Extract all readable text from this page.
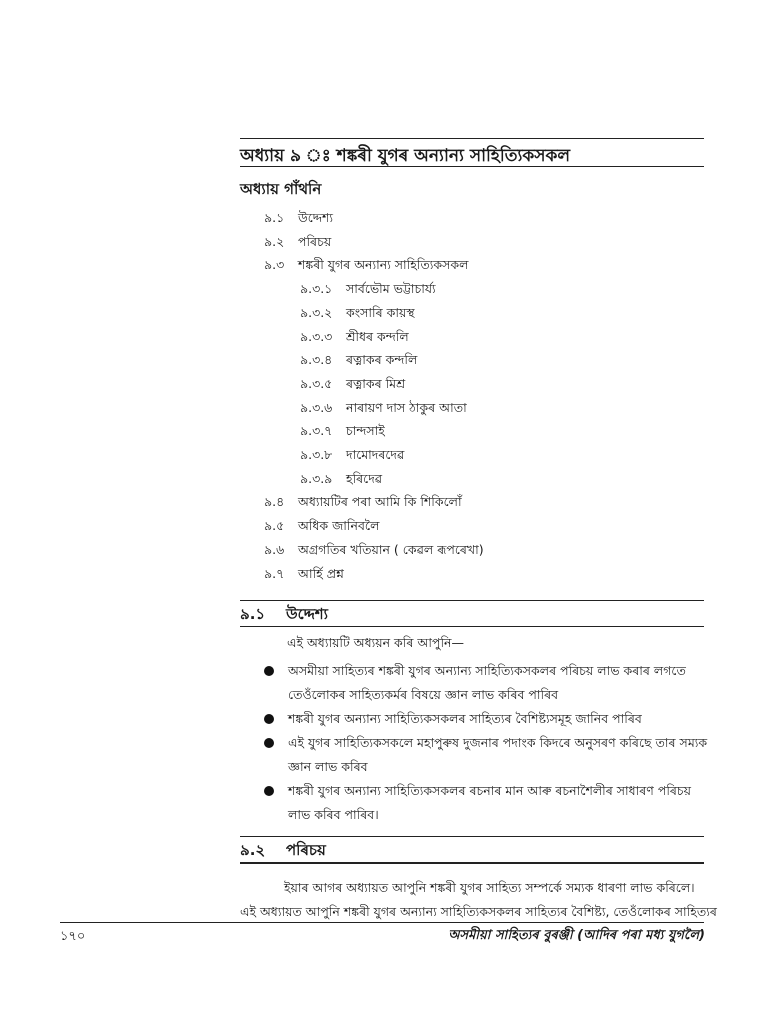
অধ্যায় ৯ ঃ শঙ্কৰী যুগৰ অন্যান্য সাহিত্যিকসকল
অধ্যায় গাঁথনি
৯.১ উদ্দেশ্য
৯.২ পৰিচয়
৯.৩ শঙ্কৰী যুগৰ অন্যান্য সাহিত্যিকসকল
৯.৩.১ সাৰ্বভৌম ভট্টাচাৰ্য্য
৯.৩.২ কংসাৰি কায়স্থ
৯.৩.৩ শ্ৰীধৰ কন্দলি
৯.৩.৪ ৰত্নাকৰ কন্দলি
৯.৩.৫ ৰত্নাকৰ মিশ্ৰ
৯.৩.৬ নাৰায়ণ দাস ঠাকুৰ আতা
৯.৩.৭ চান্দসাই
৯.৩.৮ দামোদৰদেৱ
৯.৩.৯ হৰিদেৱ
৯.৪ অধ্যায়টিৰ পৰা আমি কি শিকিলোঁ
৯.৫ অধিক জানিবলৈ
৯.৬ অগ্ৰগতিৰ খতিয়ান ( কেৱল ৰূপৰেখা)
৯.৭ আৰ্হি প্ৰশ্ন
৯.১ উদ্দেশ্য
এই অধ্যায়টি অধ্যয়ন কৰি আপুনি—
অসমীয়া সাহিত্যৰ শঙ্কৰী যুগৰ অন্যান্য সাহিত্যিকসকলৰ পৰিচয় লাভ কৰাৰ লগতে
তেওঁলোকৰ সাহিত্যকৰ্মৰ বিষয়ে জ্ঞান লাভ কৰিব পাৰিব
শঙ্কৰী যুগৰ অন্যান্য সাহিত্যিকসকলৰ সাহিত্যৰ বৈশিষ্ট্যসমূহ জানিব পাৰিব
এই যুগৰ সাহিত্যিকসকলে মহাপুৰুষ দুজনাৰ পদাংক কিদৰে অনুসৰণ কৰিছে তাৰ সম্যক
জ্ঞান লাভ কৰিব
শঙ্কৰী যুগৰ অন্যান্য সাহিত্যিকসকলৰ ৰচনাৰ মান আৰু ৰচনাশৈলীৰ সাধাৰণ পৰিচয়
লাভ কৰিব পাৰিব।
৯.২ পৰিচয়

ইয়াৰ আগৰ অধ্যায়ত আপুনি শঙ্কৰী যুগৰ সাহিত্য সম্পৰ্কে সম্যক ধাৰণা লাভ কৰিলে।

এই অধ্যায়ত আপুনি শঙ্কৰী যুগৰ অন্যান্য সাহিত্যিকসকলৰ সাহিত্যৰ বৈশিষ্ট্য, তেওঁলোকৰ সাহিত্যৰ

১৭০	অসমীয়া সাহিত্যৰ বুৰঞ্জী (আদিৰ পৰা মধ্য যুগলৈ)
